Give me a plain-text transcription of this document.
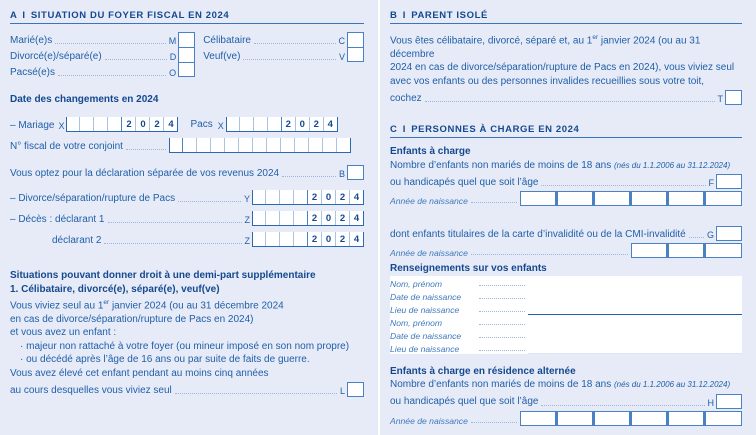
A I SITUATION DU FOYER FISCAL EN 2024
Marié(e)s	M
Divorcé(e)/séparé(e)	D
Pacsé(e)s	O
Célibataire	C
Veuf(ve)	V
Date des changements en 2024
– Mariage X	2 0 2 4	Pacs X	2 0 2 4
N° fiscal de votre conjoint
Vous optez pour la déclaration séparée de vos revenus 2024	B
– Divorce/séparation/rupture de Pacs	Y	2 0 2 4
– Décès : déclarant 1	Z	2 0 2 4
déclarant 2	Z	2 0 2 4
Situations pouvant donner droit à une demi-part supplémentaire
1. Célibataire, divorcé(e), séparé(e), veuf(ve)
Vous viviez seul au 1er janvier 2024 (ou au 31 décembre 2024
en cas de divorce/séparation/rupture de Pacs en 2024)
et vous avez un enfant :
· majeur non rattaché à votre foyer (ou mineur imposé en son nom propre)
· ou décédé après l’âge de 16 ans ou par suite de faits de guerre.
Vous avez élevé cet enfant pendant au moins cinq années
au cours desquelles vous viviez seul	L
B I PARENT ISOLÉ
Vous êtes célibataire, divorcé, séparé et, au 1er janvier 2024 (ou au 31 décembre
2024 en cas de divorce/séparation/rupture de Pacs en 2024), vous viviez seul
avec vos enfants ou des personnes invalides recueillies sous votre toit,
cochez	T
C I PERSONNES À CHARGE EN 2024
Enfants à charge
Nombre d’enfants non mariés de moins de 18 ans (nés du 1.1.2006 au 31.12.2024)
ou handicapés quel que soit l’âge	F
Année de naissance
dont enfants titulaires de la carte d’invalidité ou de la CMI-invalidité G
Année de naissance
Renseignements sur vos enfants
Nom, prénom
Date de naissance
Lieu de naissance
Nom, prénom
Date de naissance
Lieu de naissance
Enfants à charge en résidence alternée
Nombre d’enfants non mariés de moins de 18 ans (nés du 1.1.2006 au 31.12.2024)
ou handicapés quel que soit l’âge	H
Année de naissance
